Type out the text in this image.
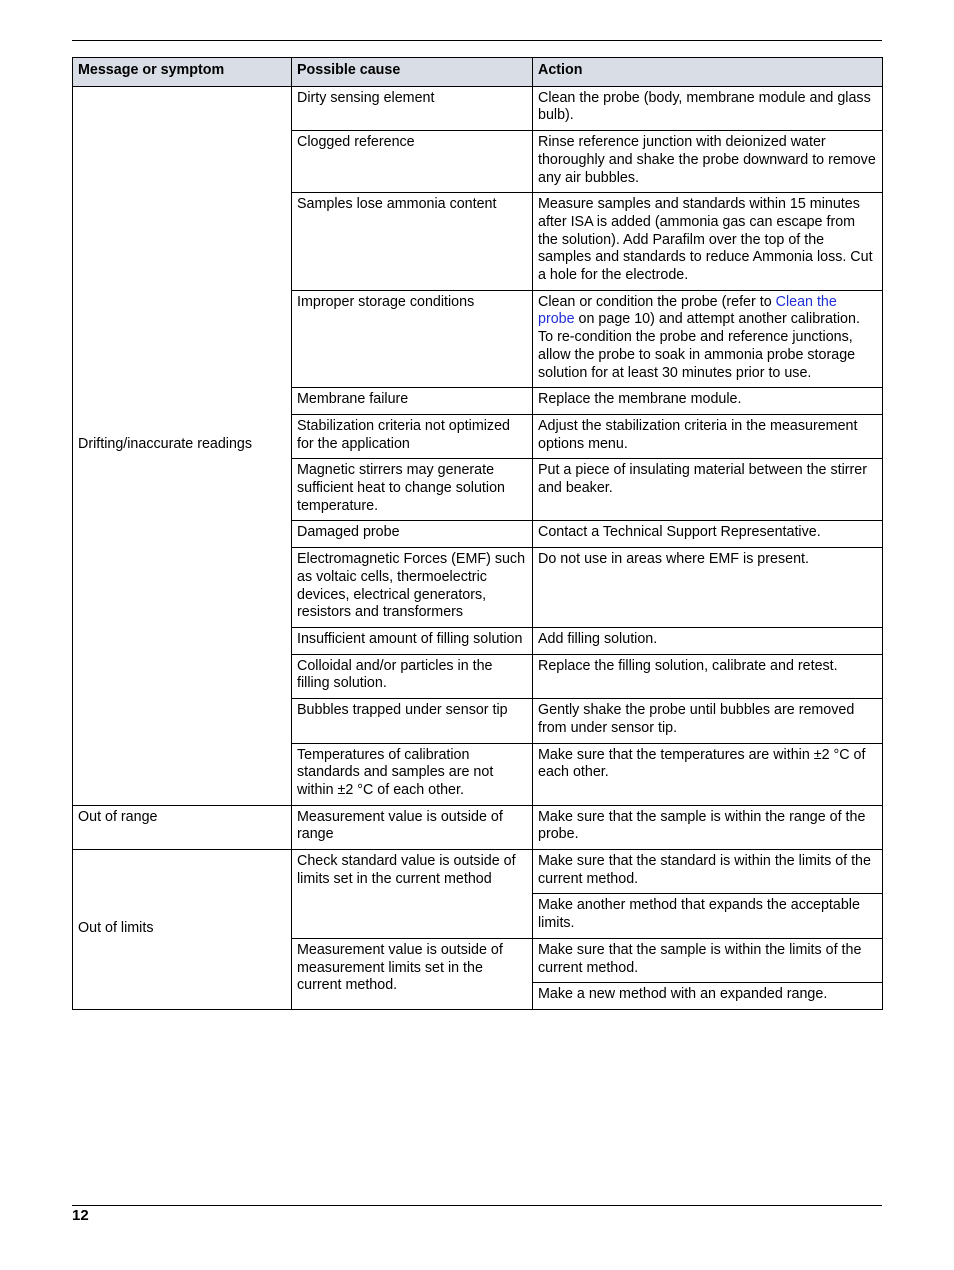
Message or symptom	Possible cause	Action
Drifting/inaccurate readings	Dirty sensing element	Clean the probe (body, membrane module and glass bulb).
	Clogged reference	Rinse reference junction with deionized water thoroughly and shake the probe downward to remove any air bubbles.
	Samples lose ammonia content	Measure samples and standards within 15 minutes after ISA is added (ammonia gas can escape from the solution). Add Parafilm over the top of the samples and standards to reduce Ammonia loss. Cut a hole for the electrode.
	Improper storage conditions	Clean or condition the probe (refer to Clean the probe on page 10) and attempt another calibration. To re-condition the probe and reference junctions, allow the probe to soak in ammonia probe storage solution for at least 30 minutes prior to use.
	Membrane failure	Replace the membrane module.
	Stabilization criteria not optimized for the application	Adjust the stabilization criteria in the measurement options menu.
	Magnetic stirrers may generate sufficient heat to change solution temperature.	Put a piece of insulating material between the stirrer and beaker.
	Damaged probe	Contact a Technical Support Representative.
	Electromagnetic Forces (EMF) such as voltaic cells, thermoelectric devices, electrical generators, resistors and transformers	Do not use in areas where EMF is present.
	Insufficient amount of filling solution	Add filling solution.
	Colloidal and/or particles in the filling solution.	Replace the filling solution, calibrate and retest.
	Bubbles trapped under sensor tip	Gently shake the probe until bubbles are removed from under sensor tip.
	Temperatures of calibration standards and samples are not within ±2 °C of each other.	Make sure that the temperatures are within ±2 °C of each other.
Out of range	Measurement value is outside of range	Make sure that the sample is within the range of the probe.
Out of limits	Check standard value is outside of limits set in the current method	Make sure that the standard is within the limits of the current method.
		Make another method that expands the acceptable limits.
	Measurement value is outside of measurement limits set in the current method.	Make sure that the sample is within the limits of the current method.
		Make a new method with an expanded range.
12
